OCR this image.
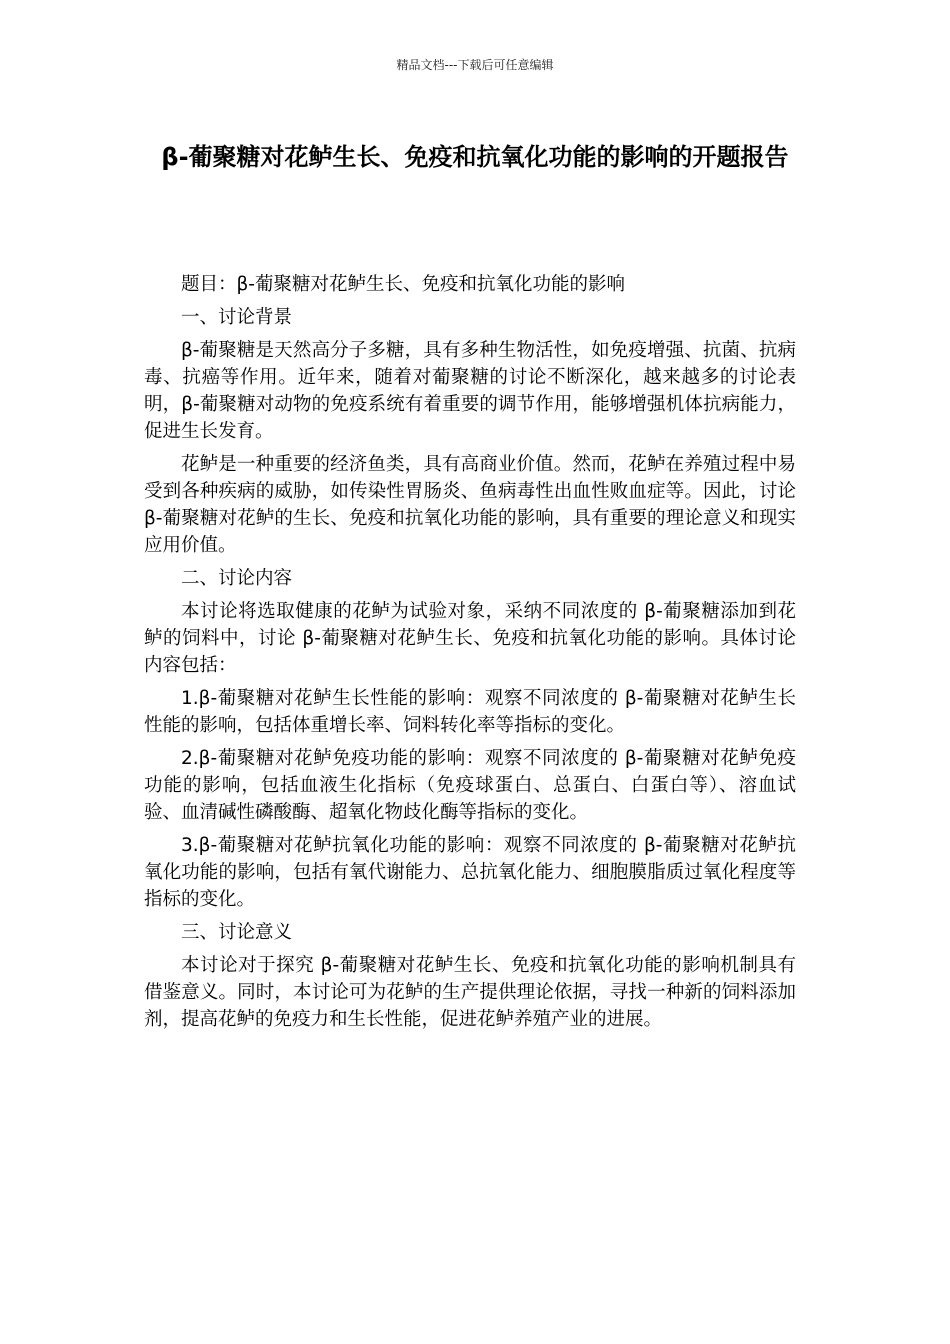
精品文档---下载后可任意编辑
β-葡聚糖对花鲈生长、免疫和抗氧化功能的影响的开题报告

题目：β-葡聚糖对花鲈生长、免疫和抗氧化功能的影响

一、讨论背景

β-葡聚糖是天然高分子多糖，具有多种生物活性，如免疫增强、抗菌、抗病毒、抗癌等作用。近年来，随着对葡聚糖的讨论不断深化，越来越多的讨论表明，β-葡聚糖对动物的免疫系统有着重要的调节作用，能够增强机体抗病能力，促进生长发育。

花鲈是一种重要的经济鱼类，具有高商业价值。然而，花鲈在养殖过程中易受到各种疾病的威胁，如传染性胃肠炎、鱼病毒性出血性败血症等。因此，讨论 β-葡聚糖对花鲈的生长、免疫和抗氧化功能的影响，具有重要的理论意义和现实应用价值。

二、讨论内容

本讨论将选取健康的花鲈为试验对象，采纳不同浓度的 β-葡聚糖添加到花鲈的饲料中，讨论 β-葡聚糖对花鲈生长、免疫和抗氧化功能的影响。具体讨论内容包括：

1.β-葡聚糖对花鲈生长性能的影响：观察不同浓度的 β-葡聚糖对花鲈生长性能的影响，包括体重增长率、饲料转化率等指标的变化。

2.β-葡聚糖对花鲈免疫功能的影响：观察不同浓度的 β-葡聚糖对花鲈免疫功能的影响，包括血液生化指标（免疫球蛋白、总蛋白、白蛋白等）、溶血试验、血清碱性磷酸酶、超氧化物歧化酶等指标的变化。

3.β-葡聚糖对花鲈抗氧化功能的影响：观察不同浓度的 β-葡聚糖对花鲈抗氧化功能的影响，包括有氧代谢能力、总抗氧化能力、细胞膜脂质过氧化程度等指标的变化。

三、讨论意义

本讨论对于探究 β-葡聚糖对花鲈生长、免疫和抗氧化功能的影响机制具有借鉴意义。同时，本讨论可为花鲈的生产提供理论依据，寻找一种新的饲料添加剂，提高花鲈的免疫力和生长性能，促进花鲈养殖产业的进展。
